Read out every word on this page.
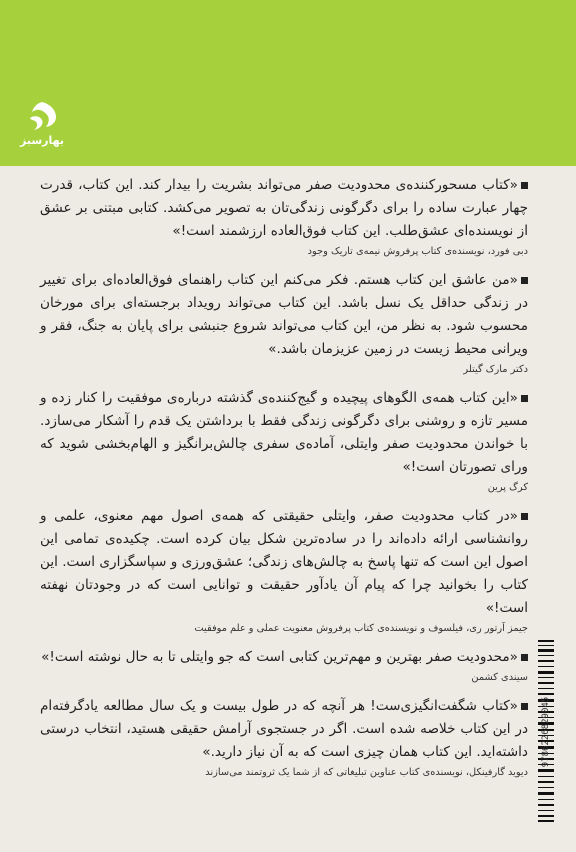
بهارسبز

«کتاب مسحورکننده‌ی محدودیت صفر می‌تواند بشریت را بیدار کند. این کتاب، قدرت چهار عبارت ساده را برای دگرگونی زندگی‌تان به تصویر می‌کشد. کتابی مبتنی بر عشق از نویسنده‌ای عشق‌طلب. این کتاب فوق‌العاده ارزشمند است!»

دبی فورد، نویسنده‌ی کتاب پرفروش نیمه‌ی تاریک وجود

«من عاشق این کتاب هستم. فکر می‌کنم این کتاب راهنمای فوق‌العاده‌ای برای تغییر در زندگی حداقل یک نسل باشد. این کتاب می‌تواند رویداد برجسته‌ای برای مورخان محسوب شود. به نظر من، این کتاب می‌تواند شروع جنبشی برای پایان به جنگ، فقر و ویرانی محیط زیست در زمین عزیزمان باشد.»

دکتر مارک گیتلر

«این کتاب همه‌ی الگوهای پیچیده و گیج‌کننده‌ی گذشته درباره‌ی موفقیت را کنار زده و مسیر تازه و روشنی برای دگرگونی زندگی فقط با برداشتن یک قدم را آشکار می‌سازد. با خواندن محدودیت صفر وایتلی، آماده‌ی سفری چالش‌برانگیز و الهام‌بخشی شوید که ورای تصورتان است!»

کرگ پرین

«در کتاب محدودیت صفر، وایتلی حقیقتی که همه‌ی اصول مهم معنوی، علمی و روانشناسی ارائه داده‌اند را در ساده‌ترین شکل بیان کرده است. چکیده‌ی تمامی این اصول این است که تنها پاسخ به چالش‌های زندگی؛ عشق‌ورزی و سپاسگزاری است. این کتاب را بخوانید چرا که پیام آن یادآور حقیقت و توانایی است که در وجودتان نهفته است!»

جیمز آرتور ری، فیلسوف و نویسنده‌ی کتاب پرفروش معنویت عملی و علم موفقیت

«محدودیت صفر بهترین و مهم‌ترین کتابی است که جو وایتلی تا به حال نوشته است!»

سیندی کشمن

«کتاب شگفت‌انگیزی‌ست! هر آنچه که در طول بیست و یک سال مطالعه یادگرفته‌ام در این کتاب خلاصه شده است. اگر در جستجوی آرامش حقیقی هستید، انتخاب درستی داشته‌اید. این کتاب همان چیزی است که به آن نیاز دارید.»

دیوید گارفینکل، نویسنده‌ی کتاب عناوین تبلیغاتی که از شما یک ثروتمند می‌سازند
9786226829045
